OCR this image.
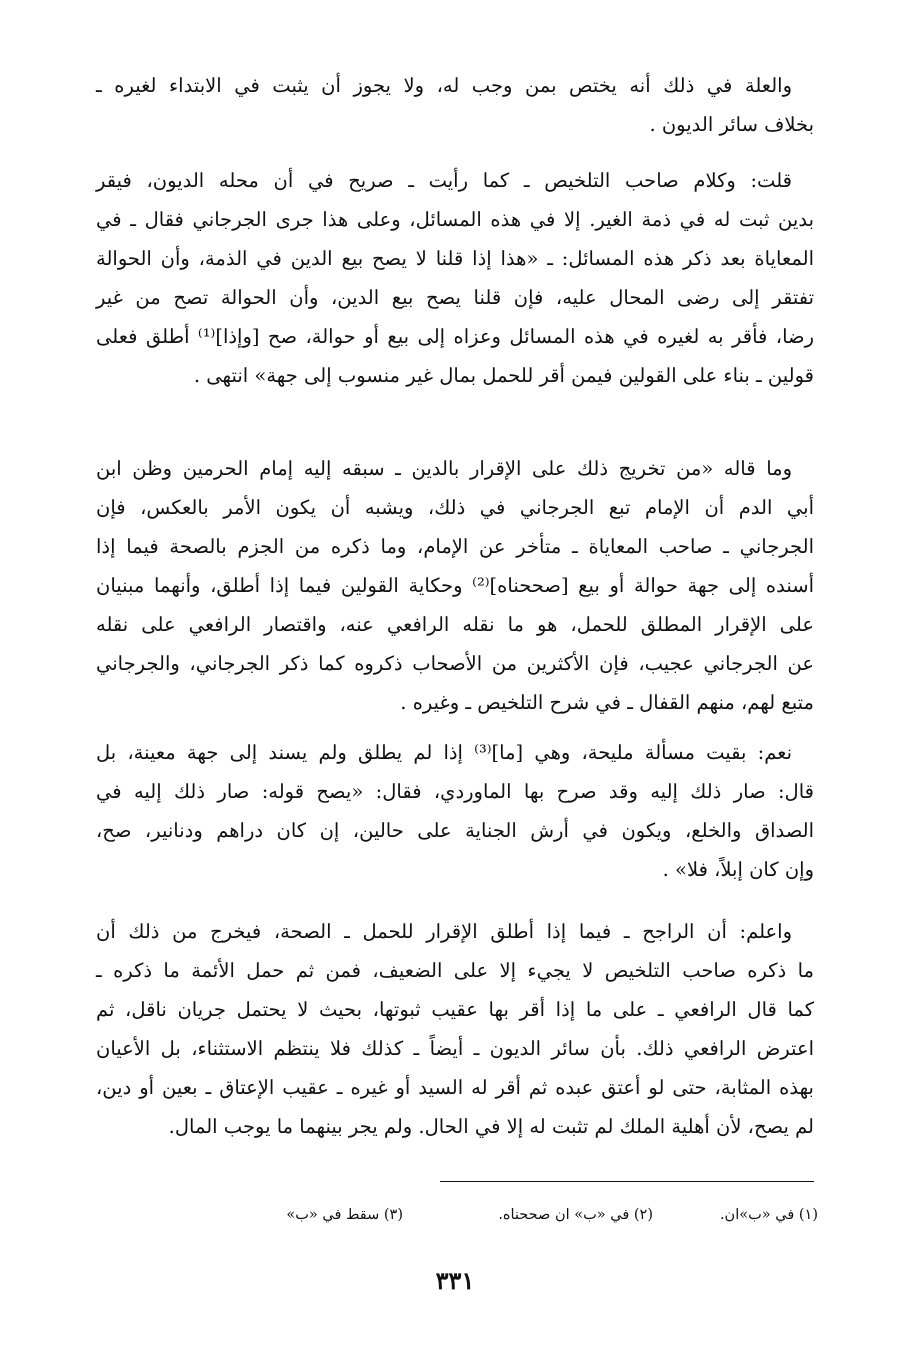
والعلة في ذلك أنه يختص بمن وجب له، ولا يجوز أن يثبت في الابتداء لغيره ـ
بخلاف سائر الديون .
قلت: وكلام صاحب التلخيص ـ كما رأيت ـ صريح في أن محله الديون، فيقر
بدين ثبت له في ذمة الغير. إلا في هذه المسائل، وعلى هذا جرى الجرجاني فقال ـ في
المعاياة بعد ذكر هذه المسائل: ـ «هذا إذا قلنا لا يصح بيع الدين في الذمة، وأن الحوالة
تفتقر إلى رضى المحال عليه، فإن قلنا يصح بيع الدين، وأن الحوالة تصح من غير
رضا، فأقر به لغيره في هذه المسائل وعزاه إلى بيع أو حوالة، صح [وإذا]⁽¹⁾ أطلق فعلى
قولين ـ بناء على القولين فيمن أقر للحمل بمال غير منسوب إلى جهة» انتهى .
وما قاله «من تخريج ذلك على الإقرار بالدين ـ سبقه إليه إمام الحرمين وظن ابن
أبي الدم أن الإمام تبع الجرجاني في ذلك، ويشبه أن يكون الأمر بالعكس، فإن
الجرجاني ـ صاحب المعاياة ـ متأخر عن الإمام، وما ذكره من الجزم بالصحة فيما إذا
أسنده إلى جهة حوالة أو بيع [صححناه]⁽²⁾ وحكاية القولين فيما إذا أطلق، وأنهما مبنيان
على الإقرار المطلق للحمل، هو ما نقله الرافعي عنه، واقتصار الرافعي على نقله
عن الجرجاني عجيب، فإن الأكثرين من الأصحاب ذكروه كما ذكر الجرجاني، والجرجاني
متبع لهم، منهم القفال ـ في شرح التلخيص ـ وغيره .
نعم: بقيت مسألة مليحة، وهي [ما]⁽³⁾ إذا لم يطلق ولم يسند إلى جهة معينة، بل
قال: صار ذلك إليه وقد صرح بها الماوردي، فقال: «يصح قوله: صار ذلك إليه في
الصداق والخلع، ويكون في أرش الجناية على حالين، إن كان دراهم ودنانير، صح،
وإن كان إبلاً، فلا» .
واعلم: أن الراجح ـ فيما إذا أطلق الإقرار للحمل ـ الصحة، فيخرج من ذلك أن
ما ذكره صاحب التلخيص لا يجيء إلا على الضعيف، فمن ثم حمل الأئمة ما ذكره ـ
كما قال الرافعي ـ على ما إذا أقر بها عقيب ثبوتها، بحيث لا يحتمل جريان ناقل، ثم
اعترض الرافعي ذلك. بأن سائر الديون ـ أيضاً ـ كذلك فلا ينتظم الاستثناء، بل الأعيان
بهذه المثابة، حتى لو أعتق عبده ثم أقر له السيد أو غيره ـ عقيب الإعتاق ـ بعين أو دين،
لم يصح، لأن أهلية الملك لم تثبت له إلا في الحال. ولم يجر بينهما ما يوجب المال.
(١) في «ب»ان.
(٢) في «ب» ان صححناه.
(٣) سقط في «ب»
٣٣١
